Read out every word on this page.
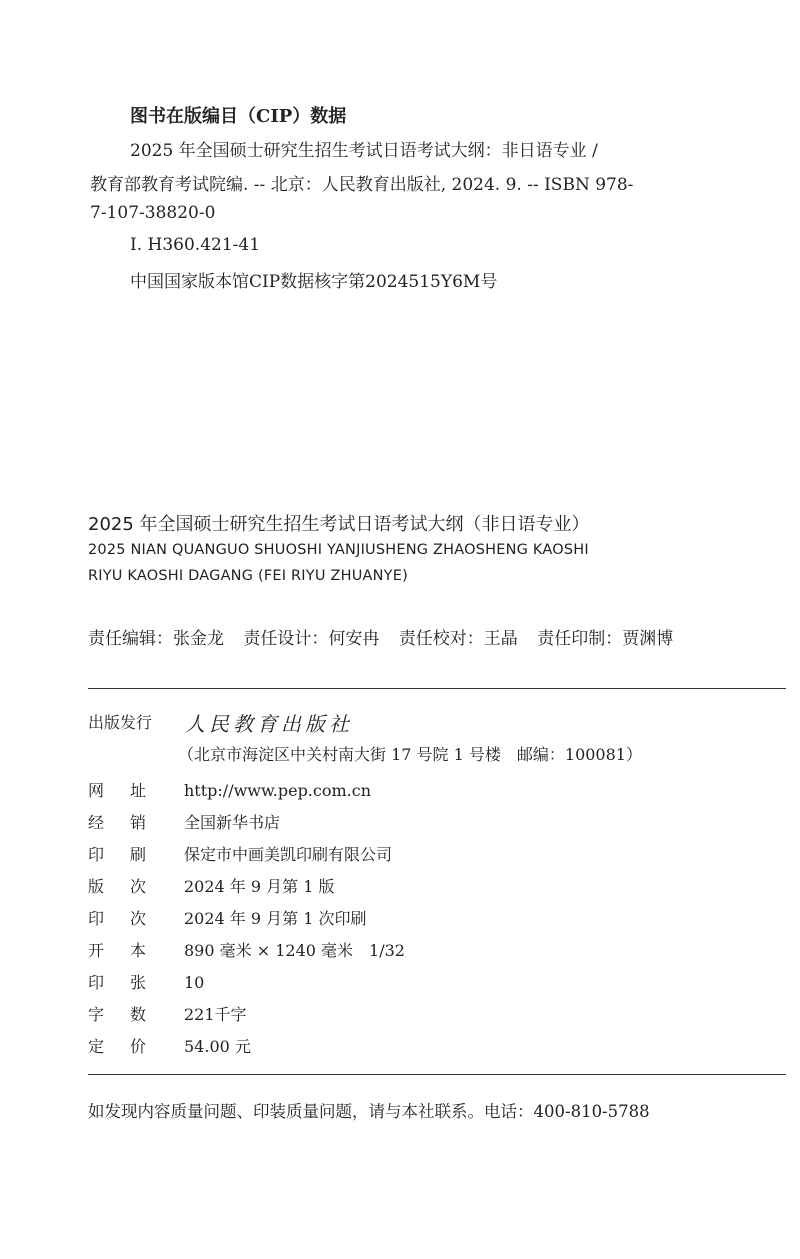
图书在版编目（CIP）数据
2025 年全国硕士研究生招生考试日语考试大纲：非日语专业 /
教育部教育考试院编. -- 北京：人民教育出版社, 2024. 9. -- ISBN 978-
7-107-38820-0
Ⅰ. H360.421-41
中国国家版本馆CIP数据核字第2024515Y6M号
2025 年全国硕士研究生招生考试日语考试大纲（非日语专业）
2025 NIAN QUANGUO SHUOSHI YANJIUSHENG ZHAOSHENG KAOSHI
RIYU KAOSHI DAGANG (FEI RIYU ZHUANYE)
责任编辑：张金龙 责任设计：何安冉 责任校对：王晶 责任印制：贾渊博
出版发行	人民教育出版社
（北京市海淀区中关村南大街 17 号院 1 号楼　邮编：100081）
网址 http://www.pep.com.cn
经销 全国新华书店
印刷 保定市中画美凯印刷有限公司
版次 2024 年 9 月第 1 版
印次 2024 年 9 月第 1 次印刷
开本 890 毫米 × 1240 毫米　1/32
印张 10
字数 221千字
定价 54.00 元
如发现内容质量问题、印装质量问题，请与本社联系。电话：400-810-5788
